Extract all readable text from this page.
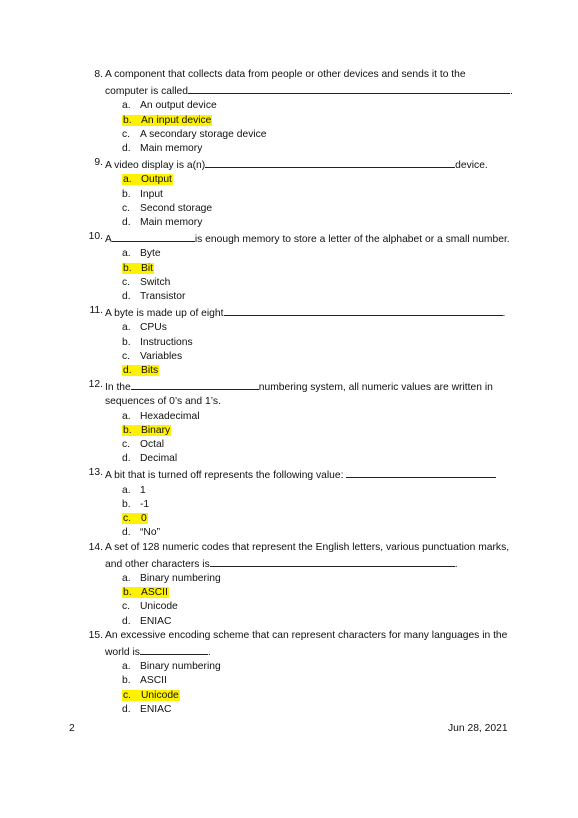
8. A component that collects data from people or other devices and sends it to the
computer is called	.
a. An output device
b. An input device
c. A secondary storage device
d. Main memory
9. A video display is a(n)	device.
a. Output
b. Input
c. Second storage
d. Main memory
10. A	is enough memory to store a letter of the alphabet or a small number.
a. Byte
b. Bit
c. Switch
d. Transistor
11. A byte is made up of eight	.
a. CPUs
b. Instructions
c. Variables
d. Bits
12. In the	numbering system, all numeric values are written in
sequences of 0’s and 1’s.
a. Hexadecimal
b. Binary
c. Octal
d. Decimal
13. A bit that is turned off represents the following value:
a. 1
b. -1
c. 0
d. “No”
14. A set of 128 numeric codes that represent the English letters, various punctuation marks,
and other characters is	.
a. Binary numbering
b. ASCII
c. Unicode
d. ENIAC
15. An excessive encoding scheme that can represent characters for many languages in the
world is	.
a. Binary numbering
b. ASCII
c. Unicode
d. ENIAC
2	Jun 28, 2021
